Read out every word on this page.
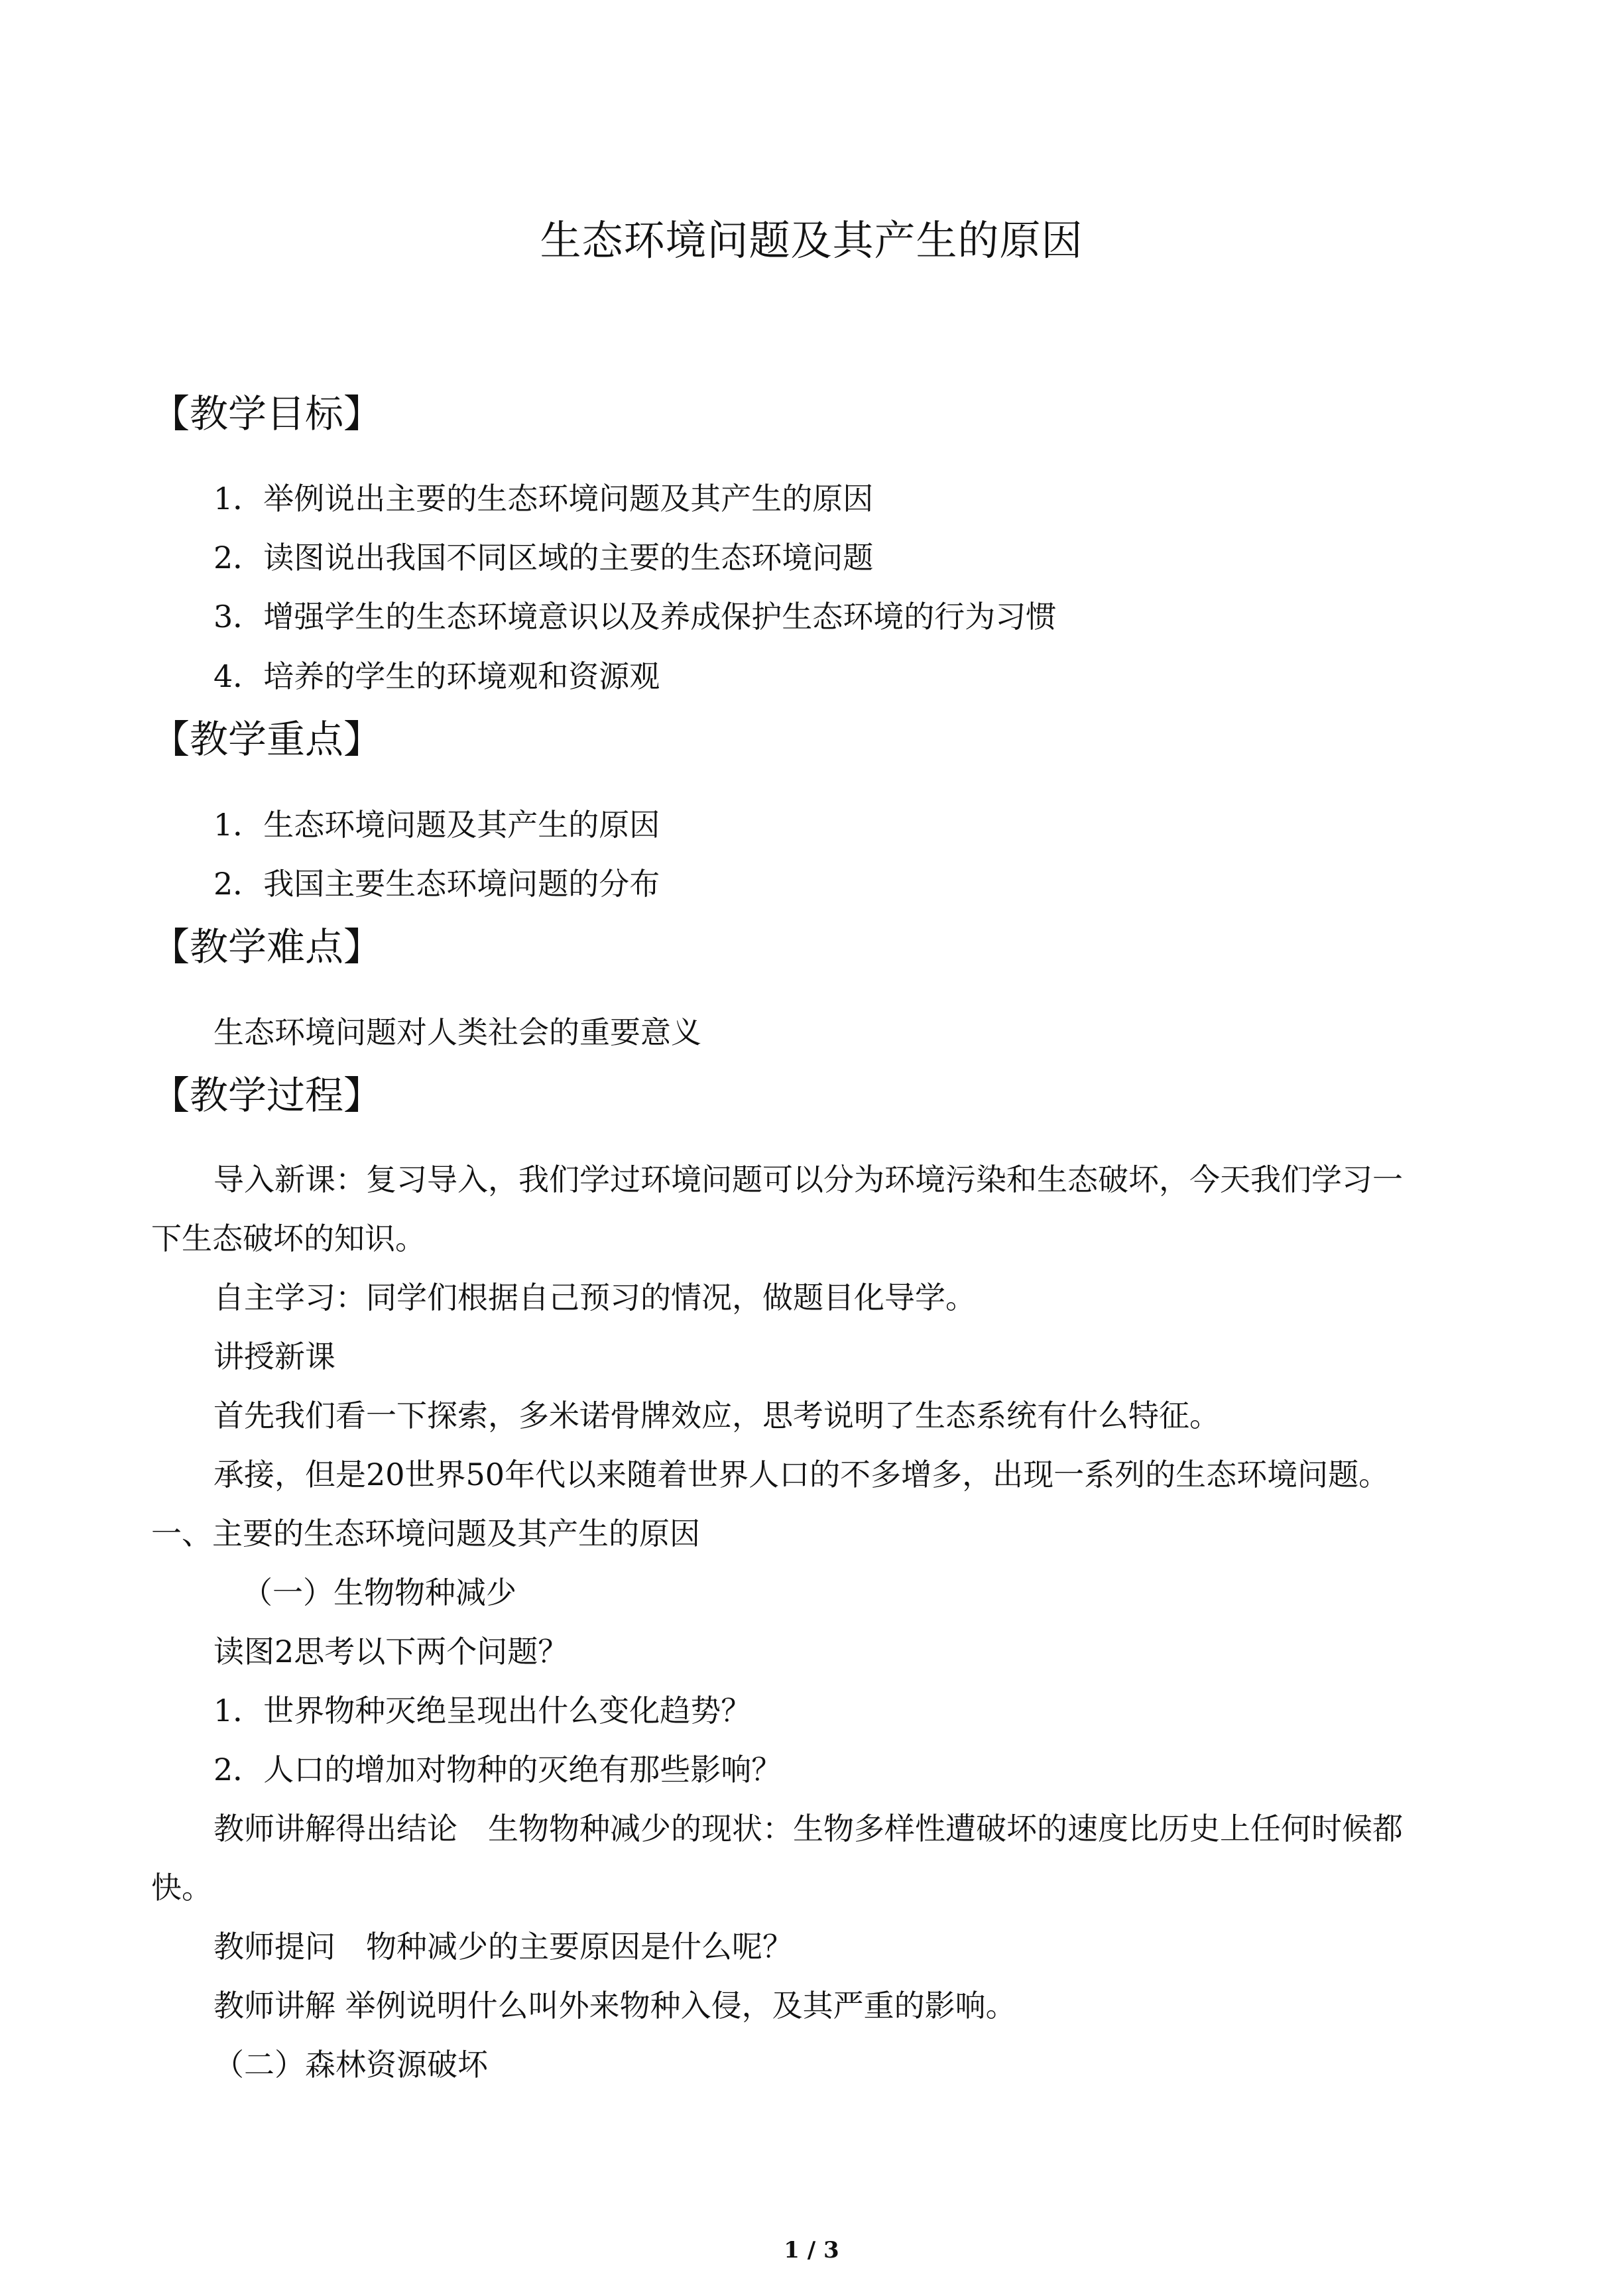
生态环境问题及其产生的原因
【教学目标】
1．举例说出主要的生态环境问题及其产生的原因
2．读图说出我国不同区域的主要的生态环境问题
3．增强学生的生态环境意识以及养成保护生态环境的行为习惯
4．培养的学生的环境观和资源观
【教学重点】
1．生态环境问题及其产生的原因
2．我国主要生态环境问题的分布
【教学难点】
生态环境问题对人类社会的重要意义
【教学过程】
导入新课：复习导入，我们学过环境问题可以分为环境污染和生态破坏，今天我们学习一
下生态破坏的知识。
自主学习：同学们根据自己预习的情况，做题目化导学。
讲授新课
首先我们看一下探索，多米诺骨牌效应，思考说明了生态系统有什么特征。
承接，但是20世界50年代以来随着世界人口的不多增多，出现一系列的生态环境问题。
一、主要的生态环境问题及其产生的原因
（一）生物物种减少
读图2思考以下两个问题？
1．世界物种灭绝呈现出什么变化趋势？
2．人口的增加对物种的灭绝有那些影响？
教师讲解得出结论　生物物种减少的现状：生物多样性遭破坏的速度比历史上任何时候都
快。
教师提问　物种减少的主要原因是什么呢？
教师讲解 举例说明什么叫外来物种入侵，及其严重的影响。
（二）森林资源破坏
1 / 3
